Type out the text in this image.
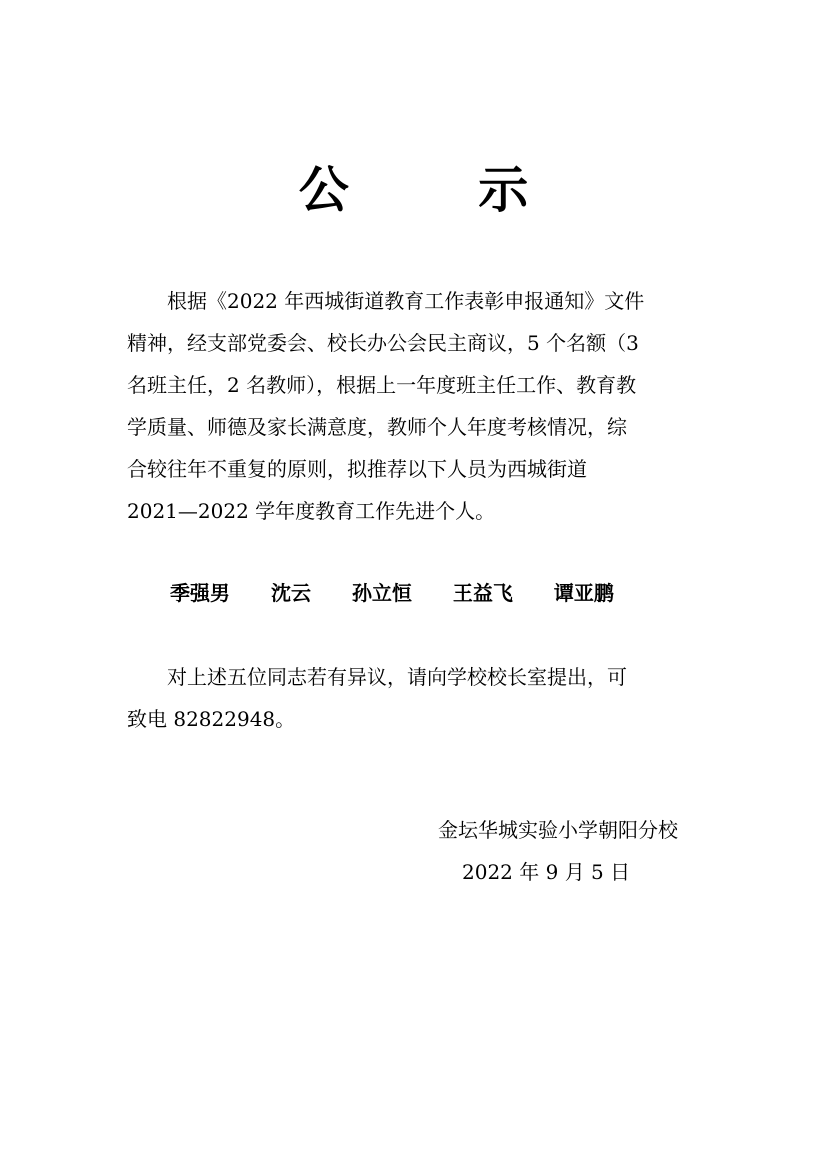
公 示
　　根据《2022 年西城街道教育工作表彰申报通知》文件
精神，经支部党委会、校长办公会民主商议，5 个名额（3
名班主任，2 名教师），根据上一年度班主任工作、教育教
学质量、师德及家长满意度，教师个人年度考核情况，综
合较往年不重复的原则，拟推荐以下人员为西城街道
2021—2022 学年度教育工作先进个人。
季强男 沈云 孙立恒 王益飞 谭亚鹏
　　对上述五位同志若有异议，请向学校校长室提出，可
致电 82822948。
金坛华城实验小学朝阳分校
2022 年 9 月 5 日
